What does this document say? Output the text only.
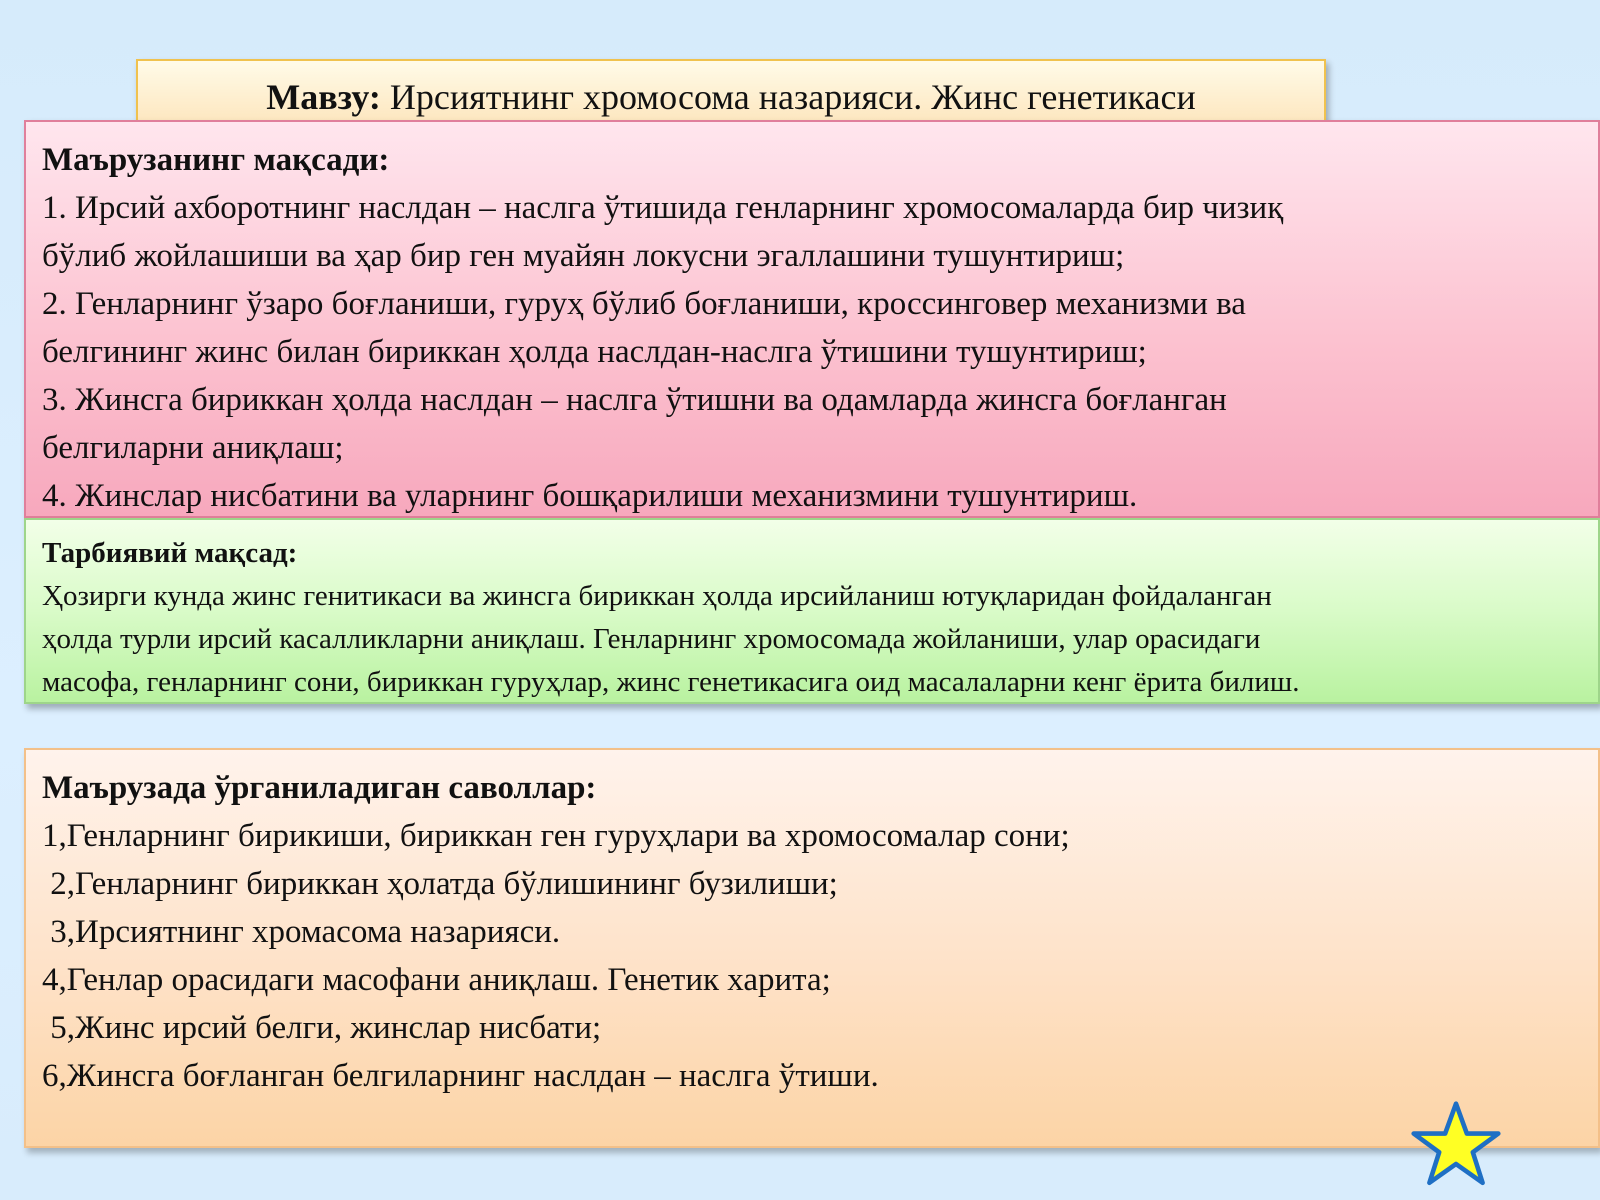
Мавзу: Ирсиятнинг хромосома назарияси. Жинс генетикаси
Маърузанинг мақсади:
1. Ирсий ахборотнинг наслдан – наслга ўтишида генларнинг хромосомаларда бир чизиқ
бўлиб жойлашиши ва ҳар бир ген муайян локусни эгаллашини тушунтириш;
2. Генларнинг ўзаро боғланиши, гуруҳ бўлиб боғланиши, кроссинговер механизми ва
белгининг жинс билан бириккан ҳолда наслдан-наслга ўтишини тушунтириш;
3. Жинсга бириккан ҳолда наслдан – наслга ўтишни ва одамларда жинсга боғланган
белгиларни аниқлаш;
4. Жинслар нисбатини ва уларнинг бошқарилиши механизмини тушунтириш.
Тарбиявий мақсад:
Ҳозирги кунда жинс генитикаси ва жинсга бириккан ҳолда ирсийланиш ютуқларидан фойдаланган
ҳолда турли ирсий касалликларни аниқлаш. Генларнинг хромосомада жойланиши, улар орасидаги
масофа, генларнинг сони, бириккан гуруҳлар, жинс генетикасига оид масалаларни кенг ёрита билиш.
Маърузада ўрганиладиган саволлар:
1,Генларнинг бирикиши, бириккан ген гуруҳлари ва хромосомалар сони;
2,Генларнинг бириккан ҳолатда бўлишининг бузилиши;
3,Ирсиятнинг хромасома назарияси.
4,Генлар орасидаги масофани аниқлаш. Генетик харита;
5,Жинс ирсий белги, жинслар нисбати;
6,Жинсга боғланган белгиларнинг наслдан – наслга ўтиши.
